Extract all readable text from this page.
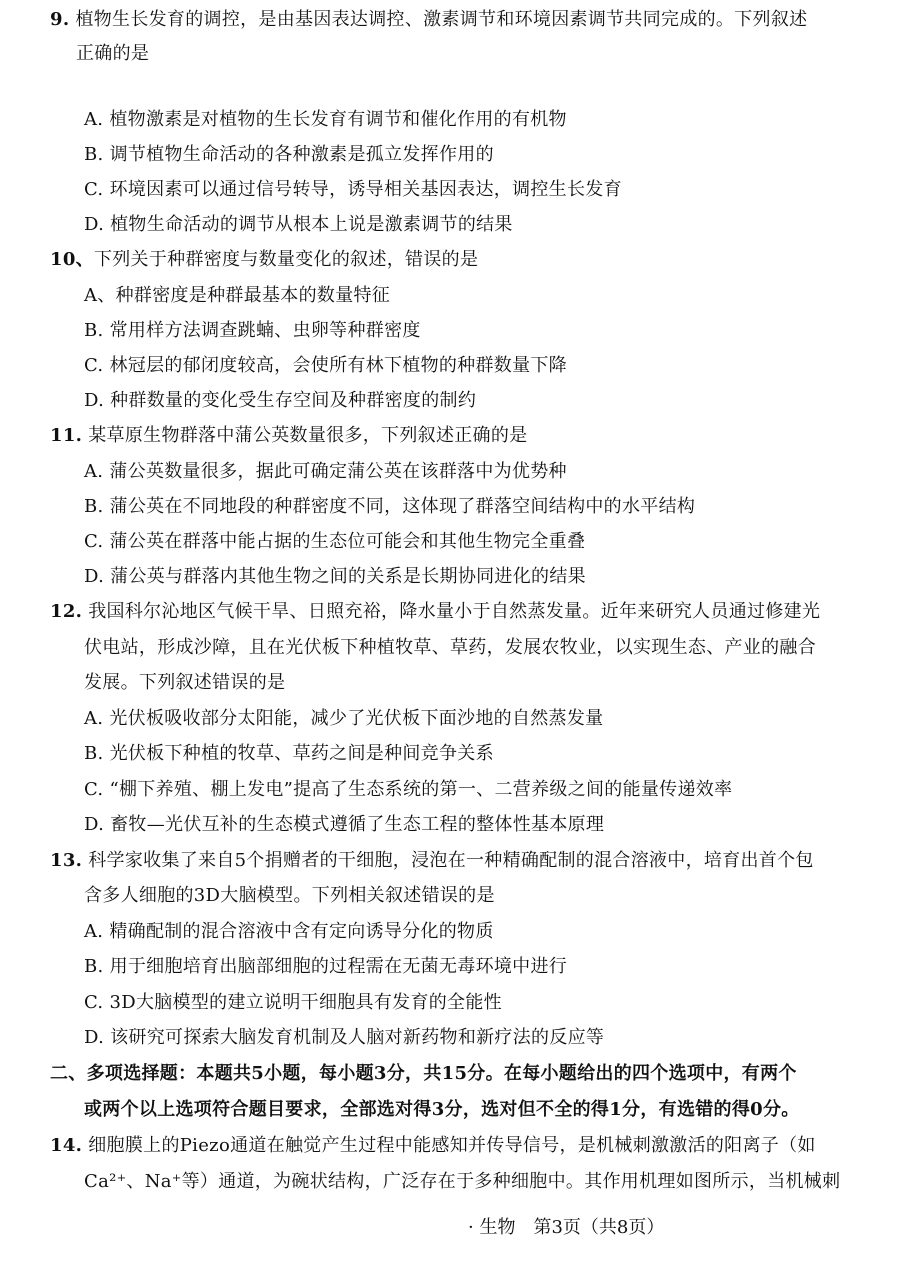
9. 植物生长发育的调控，是由基因表达调控、激素调节和环境因素调节共同完成的。下列叙述
正确的是
A. 植物激素是对植物的生长发育有调节和催化作用的有机物
B. 调节植物生命活动的各种激素是孤立发挥作用的
C. 环境因素可以通过信号转导，诱导相关基因表达，调控生长发育
D. 植物生命活动的调节从根本上说是激素调节的结果
10、下列关于种群密度与数量变化的叙述，错误的是
A、种群密度是种群最基本的数量特征
B. 常用样方法调查跳蝻、虫卵等种群密度
C. 林冠层的郁闭度较高，会使所有林下植物的种群数量下降
D. 种群数量的变化受生存空间及种群密度的制约
11. 某草原生物群落中蒲公英数量很多，下列叙述正确的是
A. 蒲公英数量很多，据此可确定蒲公英在该群落中为优势种
B. 蒲公英在不同地段的种群密度不同，这体现了群落空间结构中的水平结构
C. 蒲公英在群落中能占据的生态位可能会和其他生物完全重叠
D. 蒲公英与群落内其他生物之间的关系是长期协同进化的结果
12. 我国科尔沁地区气候干旱、日照充裕，降水量小于自然蒸发量。近年来研究人员通过修建光
伏电站，形成沙障，且在光伏板下种植牧草、草药，发展农牧业，以实现生态、产业的融合
发展。下列叙述错误的是
A. 光伏板吸收部分太阳能，减少了光伏板下面沙地的自然蒸发量
B. 光伏板下种植的牧草、草药之间是种间竞争关系
C. “棚下养殖、棚上发电”提高了生态系统的第一、二营养级之间的能量传递效率
D. 畜牧—光伏互补的生态模式遵循了生态工程的整体性基本原理
13. 科学家收集了来自5个捐赠者的干细胞，浸泡在一种精确配制的混合溶液中，培育出首个包
含多人细胞的3D大脑模型。下列相关叙述错误的是
A. 精确配制的混合溶液中含有定向诱导分化的物质
B. 用于细胞培育出脑部细胞的过程需在无菌无毒环境中进行
C. 3D大脑模型的建立说明干细胞具有发育的全能性
D. 该研究可探索大脑发育机制及人脑对新药物和新疗法的反应等
二、多项选择题：本题共5小题，每小题3分，共15分。在每小题给出的四个选项中，有两个
或两个以上选项符合题目要求，全部选对得3分，选对但不全的得1分，有选错的得0分。
14. 细胞膜上的Piezo通道在触觉产生过程中能感知并传导信号，是机械刺激激活的阳离子（如
Ca²⁺、Na⁺等）通道，为碗状结构，广泛存在于多种细胞中。其作用机理如图所示，当机械刺
· 生物　第3页（共8页）
